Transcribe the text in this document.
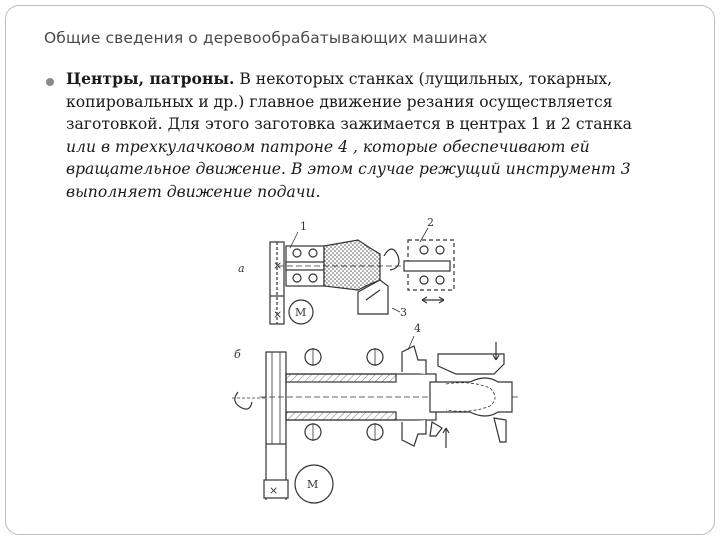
Общие сведения о деревообрабатывающих машинах
Центры, патроны. В некоторых станках (лущильных, токарных,
копировальных и др.) главное движение резания осуществляется
заготовкой. Для этого заготовка зажимается в центрах 1 и 2 станка
или в трехкулачковом патроне 4 , которые обеспечивают ей
вращательное движение. В этом случае режущий инструмент 3
выполняет движение подачи.
×
× М
1	2
3
а
×	М
4
б
